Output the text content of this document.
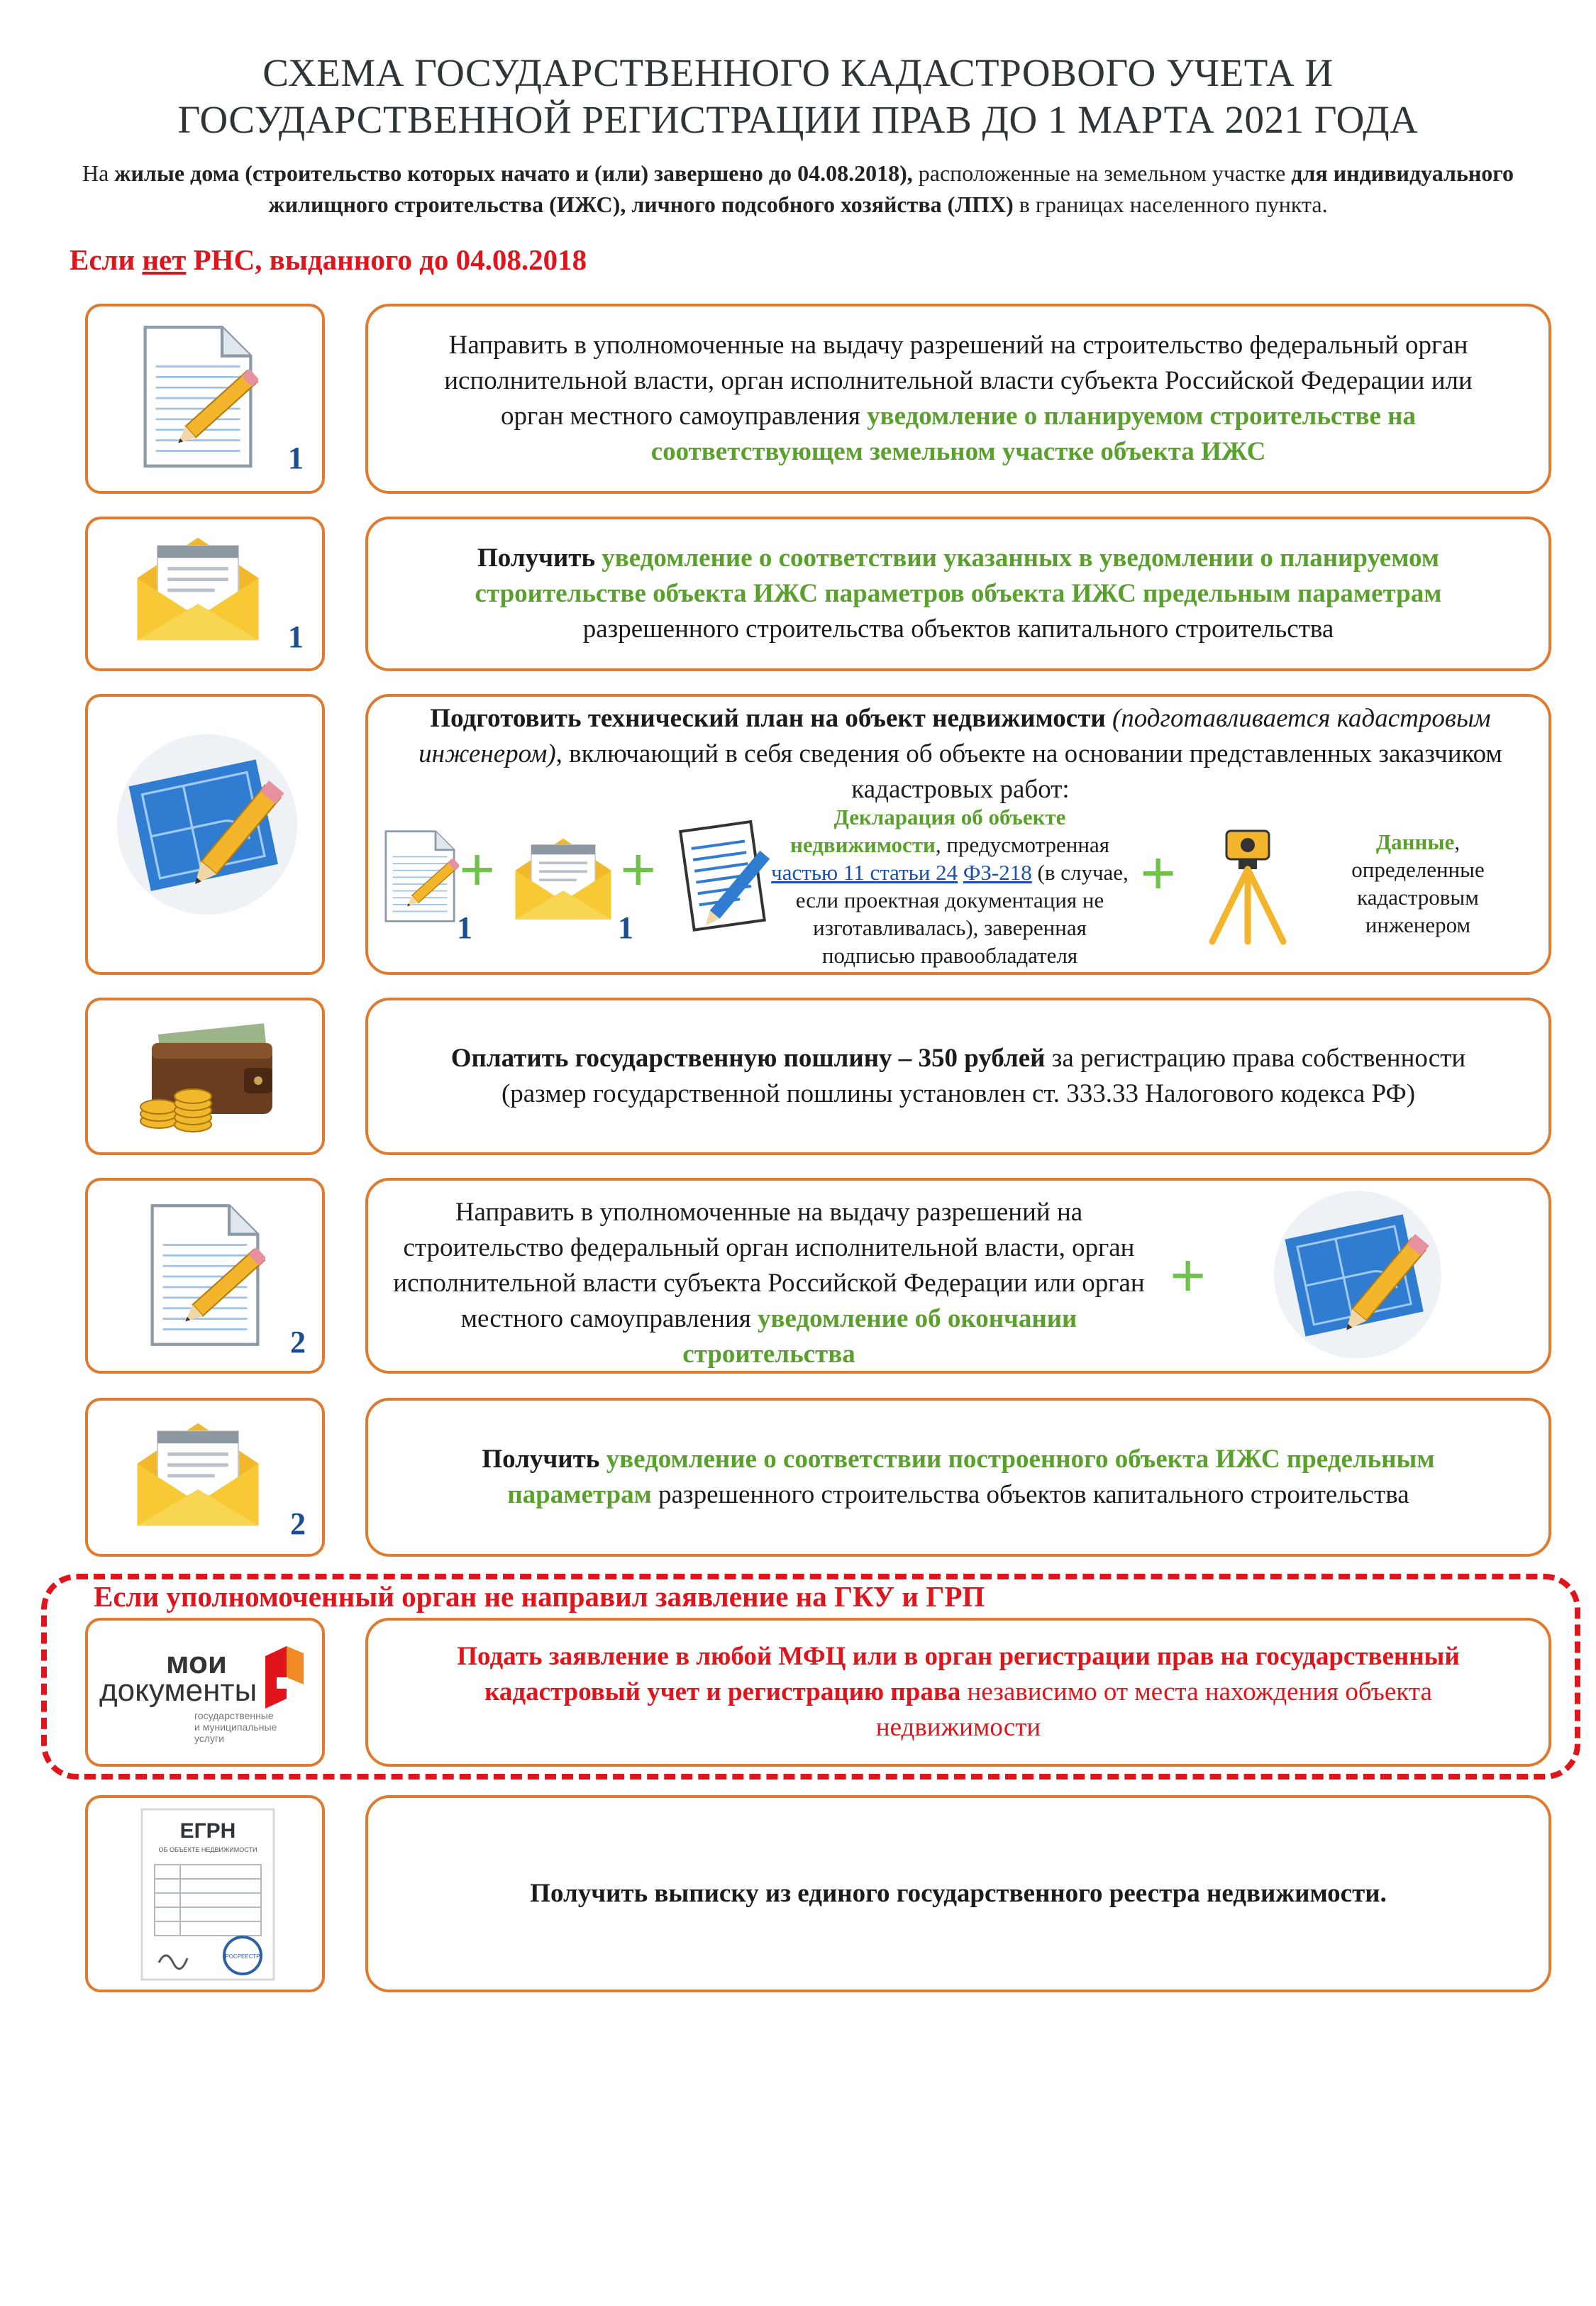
СХЕМА ГОСУДАРСТВЕННОГО КАДАСТРОВОГО УЧЕТА И
ГОСУДАРСТВЕННОЙ РЕГИСТРАЦИИ ПРАВ ДО 1 МАРТА 2021 ГОДА
На жилые дома (строительство которых начато и (или) завершено до 04.08.2018), расположенные на земельном участке для индивидуального жилищного строительства (ИЖС), личного подсобного хозяйства (ЛПХ) в границах населенного пункта.
Если нет РНС, выданного до 04.08.2018
1
Направить в уполномоченные на выдачу разрешений на строительство федеральный орган исполнительной власти, орган исполнительной власти субъекта Российской Федерации или орган местного самоуправления уведомление о планируемом строительстве на соответствующем земельном участке объекта ИЖС
1
Получить уведомление о соответствии указанных в уведомлении о планируемом строительстве объекта ИЖС параметров объекта ИЖС предельным параметрам разрешенного строительства объектов капитального строительства
Подготовить технический план на объект недвижимости (подготавливается кадастровым инженером), включающий в себя сведения об объекте на основании представленных заказчиком кадастровых работ:
1
+
1
+
Декларация об объекте недвижимости, предусмотренная частью 11 статьи 24 ФЗ-218 (в случае, если проектная документация не изготавливалась), заверенная подписью правообладателя
+	Данные, определенные кадастровым инженером
Оплатить государственную пошлину – 350 рублей за регистрацию права собственности (размер государственной пошлины установлен ст. 333.33 Налогового кодекса РФ)
2
Направить в уполномоченные на выдачу разрешений на строительство федеральный орган исполнительной власти, орган исполнительной власти субъекта Российской Федерации или орган местного самоуправления уведомление об окончании строительства
+
2
Получить уведомление о соответствии построенного объекта ИЖС предельным параметрам разрешенного строительства объектов капитального строительства
Если уполномоченный орган не направил заявление на ГКУ и ГРП
мои
документы
государственные
и муниципальные услуги
Подать заявление в любой МФЦ или в орган регистрации прав на государственный кадастровый учет и регистрацию права независимо от места нахождения объекта недвижимости
ЕГРН
ОБ ОБЪЕКТЕ НЕДВИЖИМОСТИ
РОСРЕЕСТР
Получить выписку из единого государственного реестра недвижимости.
